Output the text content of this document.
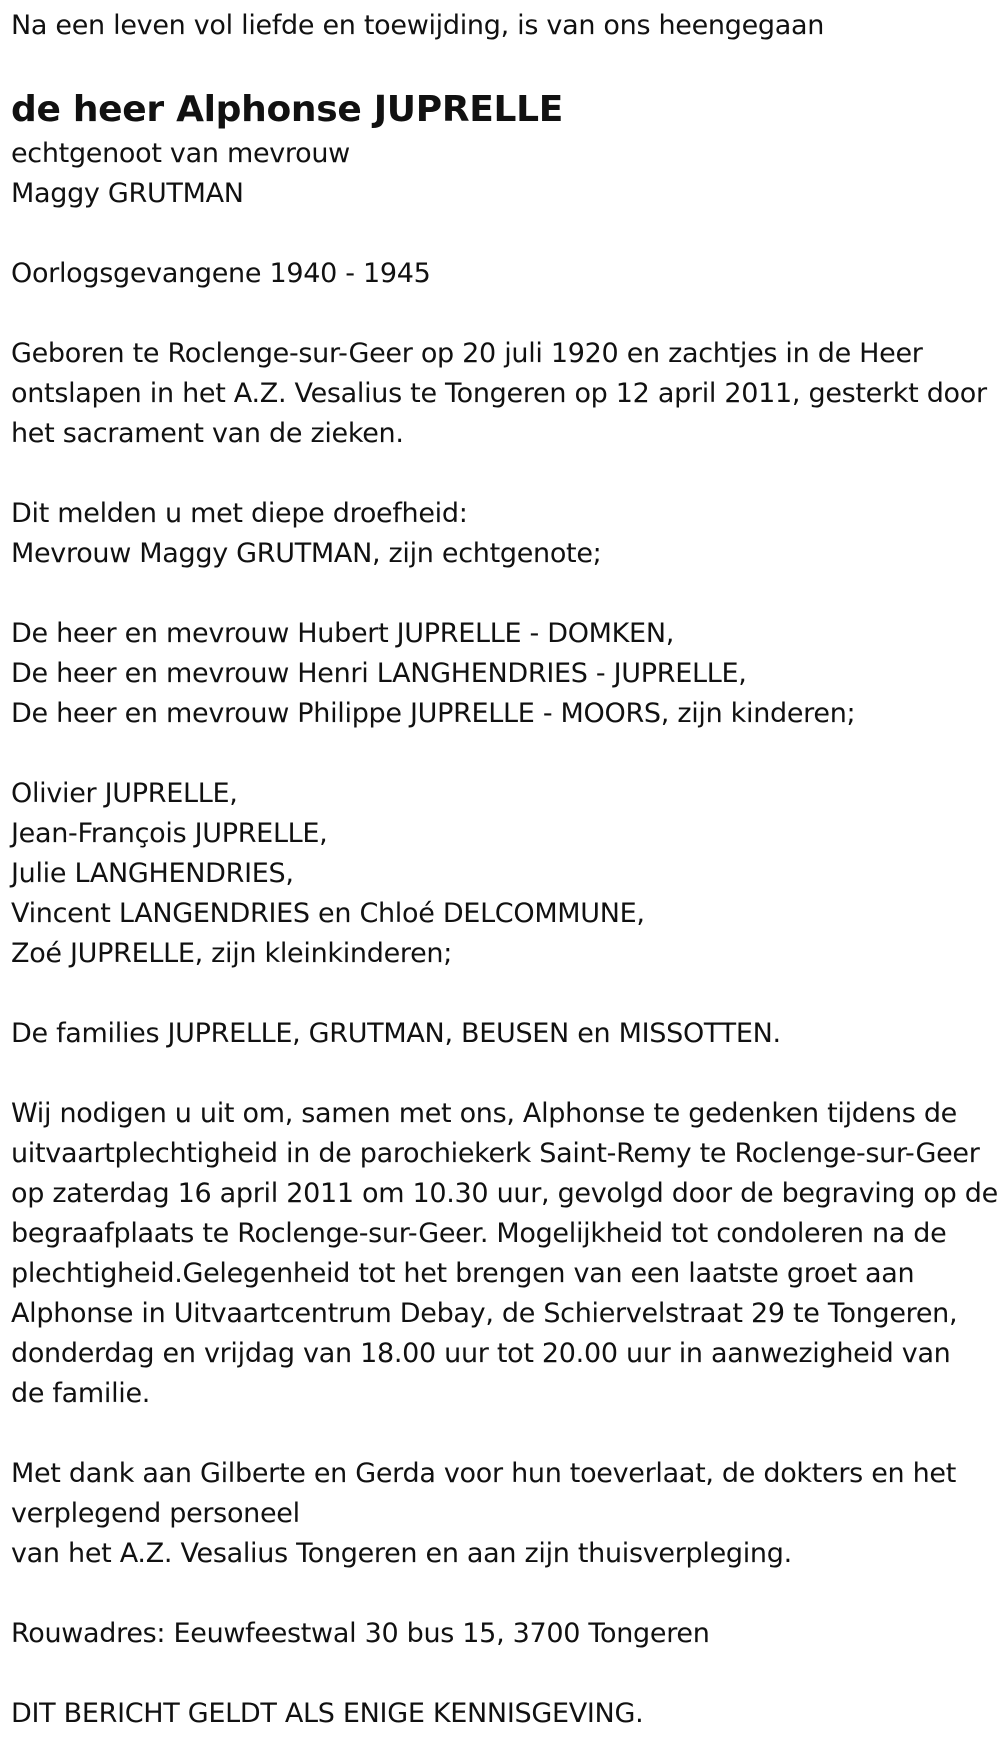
Na een leven vol liefde en toewijding, is van ons heengegaan
de heer Alphonse JUPRELLE
echtgenoot van mevrouw
Maggy GRUTMAN
Oorlogsgevangene 1940 - 1945
Geboren te Roclenge-sur-Geer op 20 juli 1920 en zachtjes in de Heer
ontslapen in het A.Z. Vesalius te Tongeren op 12 april 2011, gesterkt door
het sacrament van de zieken.
Dit melden u met diepe droefheid:
Mevrouw Maggy GRUTMAN, zijn echtgenote;
De heer en mevrouw Hubert JUPRELLE - DOMKEN,
De heer en mevrouw Henri LANGHENDRIES - JUPRELLE,
De heer en mevrouw Philippe JUPRELLE - MOORS, zijn kinderen;
Olivier JUPRELLE,
Jean-François JUPRELLE,
Julie LANGHENDRIES,
Vincent LANGENDRIES en Chloé DELCOMMUNE,
Zoé JUPRELLE, zijn kleinkinderen;
De families JUPRELLE, GRUTMAN, BEUSEN en MISSOTTEN.
Wij nodigen u uit om, samen met ons, Alphonse te gedenken tijdens de
uitvaartplechtigheid in de parochiekerk Saint-Remy te Roclenge-sur-Geer
op zaterdag 16 april 2011 om 10.30 uur, gevolgd door de begraving op de
begraafplaats te Roclenge-sur-Geer. Mogelijkheid tot condoleren na de
plechtigheid.Gelegenheid tot het brengen van een laatste groet aan
Alphonse in Uitvaartcentrum Debay, de Schiervelstraat 29 te Tongeren,
donderdag en vrijdag van 18.00 uur tot 20.00 uur in aanwezigheid van
de familie.
Met dank aan Gilberte en Gerda voor hun toeverlaat, de dokters en het
verplegend personeel
van het A.Z. Vesalius Tongeren en aan zijn thuisverpleging.
Rouwadres: Eeuwfeestwal 30 bus 15, 3700 Tongeren
DIT BERICHT GELDT ALS ENIGE KENNISGEVING.
